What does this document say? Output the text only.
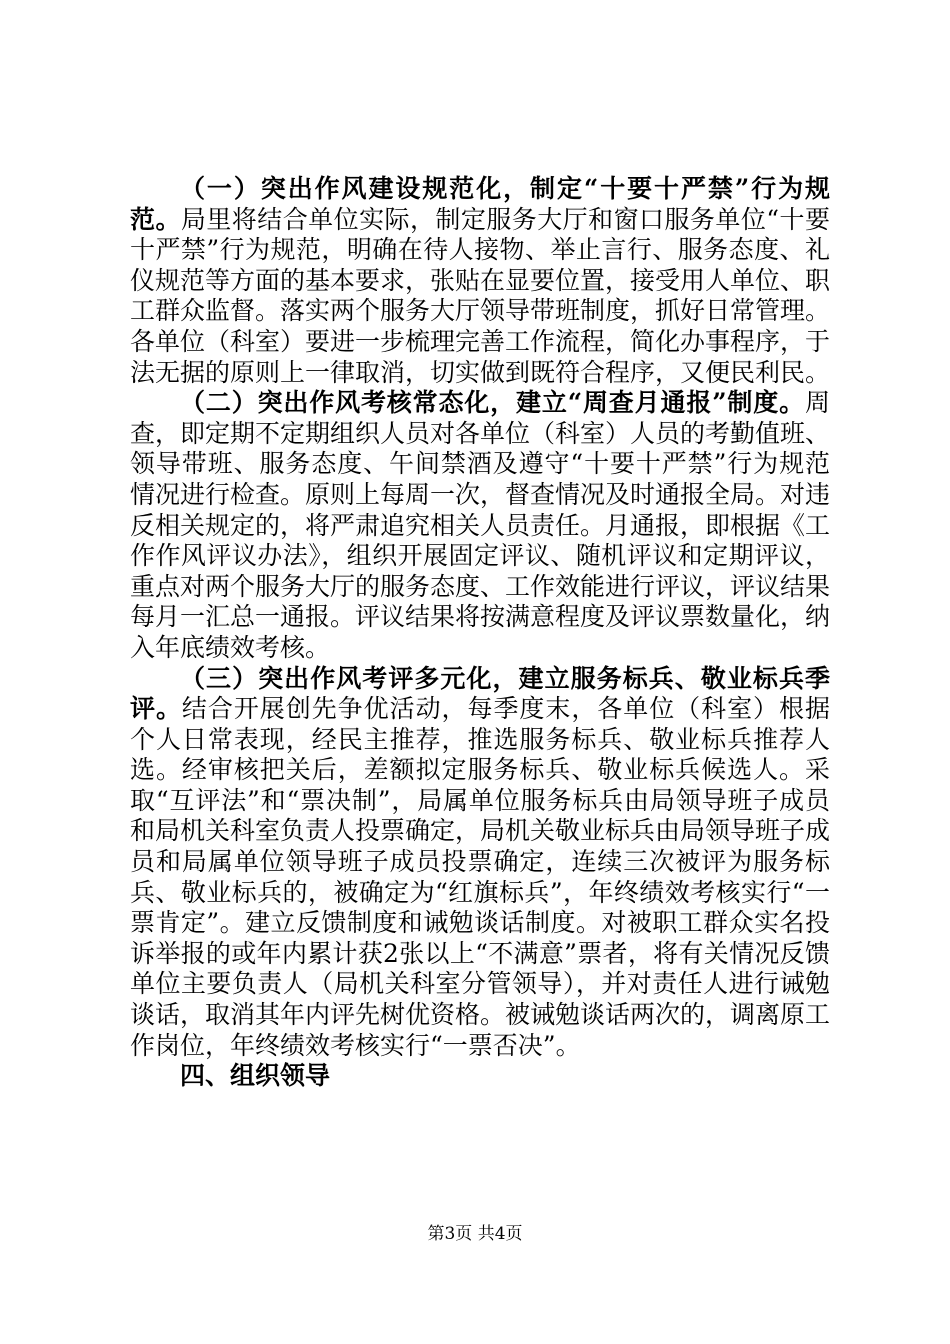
（一）突出作风建设规范化，制定“十要十严禁”行为规范。局里将结合单位实际，制定服务大厅和窗口服务单位“十要十严禁”行为规范，明确在待人接物、举止言行、服务态度、礼仪规范等方面的基本要求，张贴在显要位置，接受用人单位、职工群众监督。落实两个服务大厅领导带班制度，抓好日常管理。各单位（科室）要进一步梳理完善工作流程，简化办事程序，于法无据的原则上一律取消，切实做到既符合程序，又便民利民。

（二）突出作风考核常态化，建立“周查月通报”制度。周查，即定期不定期组织人员对各单位（科室）人员的考勤值班、领导带班、服务态度、午间禁酒及遵守“十要十严禁”行为规范情况进行检查。原则上每周一次，督查情况及时通报全局。对违反相关规定的，将严肃追究相关人员责任。月通报，即根据《工作作风评议办法》，组织开展固定评议、随机评议和定期评议，重点对两个服务大厅的服务态度、工作效能进行评议，评议结果每月一汇总一通报。评议结果将按满意程度及评议票数量化，纳入年底绩效考核。

（三）突出作风考评多元化，建立服务标兵、敬业标兵季评。结合开展创先争优活动，每季度末，各单位（科室）根据个人日常表现，经民主推荐，推选服务标兵、敬业标兵推荐人选。经审核把关后，差额拟定服务标兵、敬业标兵候选人。采取“互评法”和“票决制”，局属单位服务标兵由局领导班子成员和局机关科室负责人投票确定，局机关敬业标兵由局领导班子成员和局属单位领导班子成员投票确定，连续三次被评为服务标兵、敬业标兵的，被确定为“红旗标兵”，年终绩效考核实行“一票肯定”。建立反馈制度和诫勉谈话制度。对被职工群众实名投诉举报的或年内累计获2张以上“不满意”票者，将有关情况反馈单位主要负责人（局机关科室分管领导），并对责任人进行诫勉谈话，取消其年内评先树优资格。被诫勉谈话两次的，调离原工作岗位，年终绩效考核实行“一票否决”。

四、组织领导

第3页 共4页
